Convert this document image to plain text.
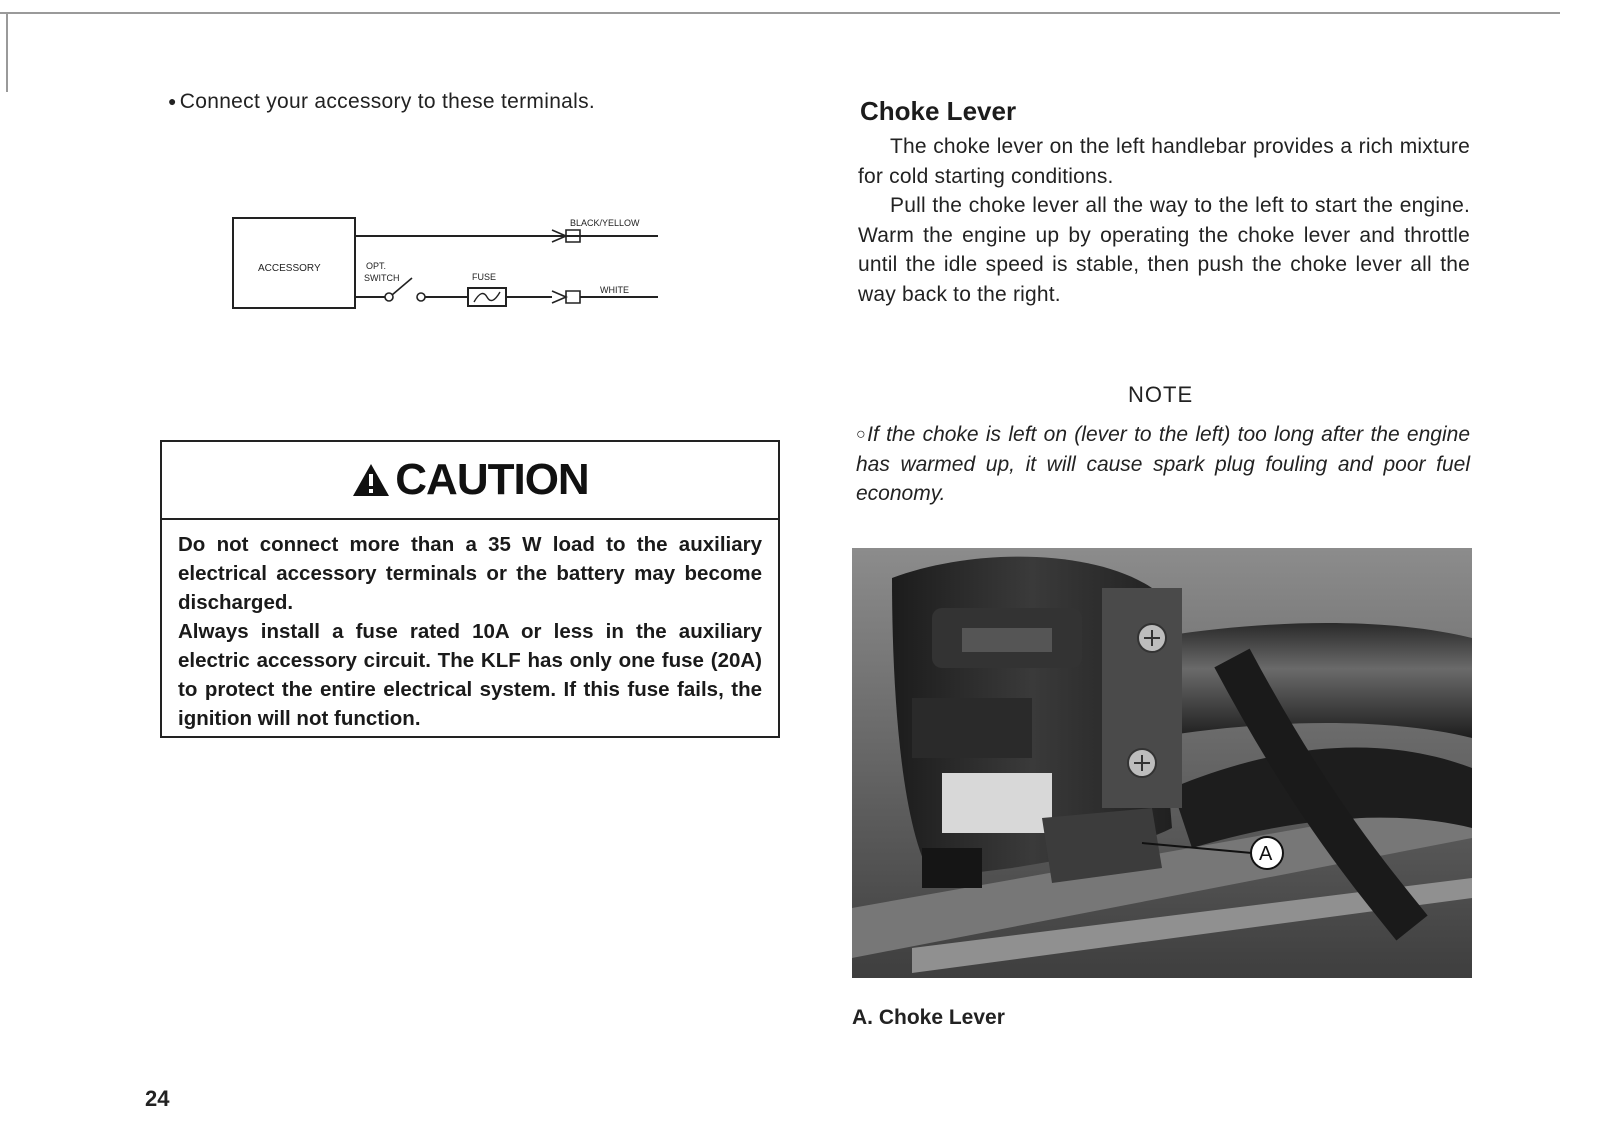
● Connect your accessory to these terminals.
ACCESSORY
BLACK/YELLOW
OPT.
SWITCH	FUSE
WHITE
CAUTION

Do not connect more than a 35 W load to the auxiliary electrical accessory terminals or the battery may become discharged.

Always install a fuse rated 10A or less in the auxiliary electric accessory circuit. The KLF has only one fuse (20A) to protect the entire electrical system. If this fuse fails, the ignition will not function.

Choke Lever

The choke lever on the left handlebar provides a rich mixture for cold starting conditions.

Pull the choke lever all the way to the left to start the engine. Warm the engine up by operating the choke lever and throttle until the idle speed is stable, then push the choke lever all the way back to the right.

NOTE
○If the choke is left on (lever to the left) too long after the engine has warmed up, it will cause spark plug fouling and poor fuel economy.
A
A. Choke Lever
24
